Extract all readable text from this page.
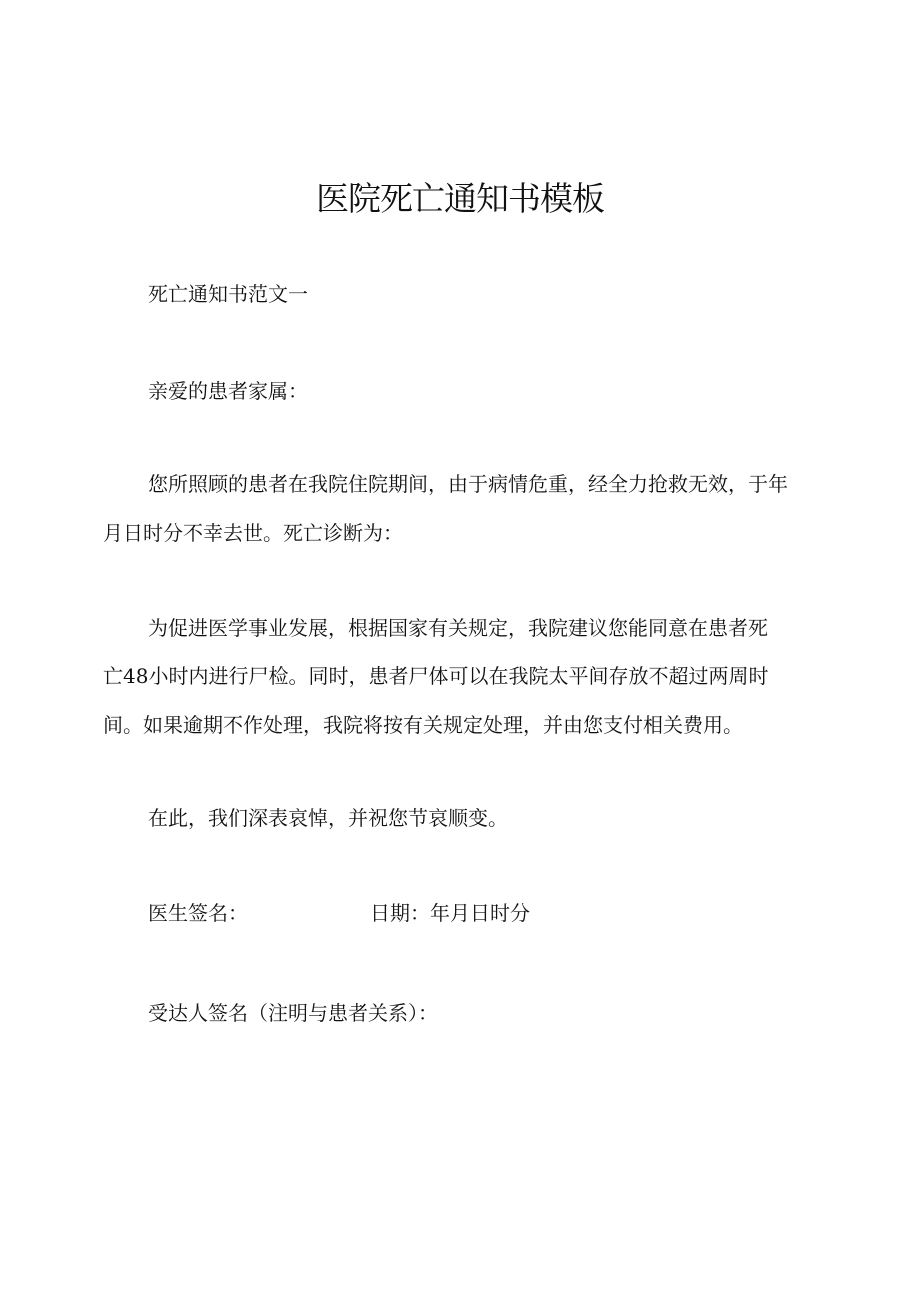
医院死亡通知书模板

死亡通知书范文一

亲爱的患者家属：

您所照顾的患者在我院住院期间，由于病情危重，经全力抢救无效，于年

月日时分不幸去世。死亡诊断为：

为促进医学事业发展，根据国家有关规定，我院建议您能同意在患者死

亡48小时内进行尸检。同时，患者尸体可以在我院太平间存放不超过两周时

间。如果逾期不作处理，我院将按有关规定处理，并由您支付相关费用。

在此，我们深表哀悼，并祝您节哀顺变。

医生签名：	日期：年月日时分

受达人签名（注明与患者关系）：
